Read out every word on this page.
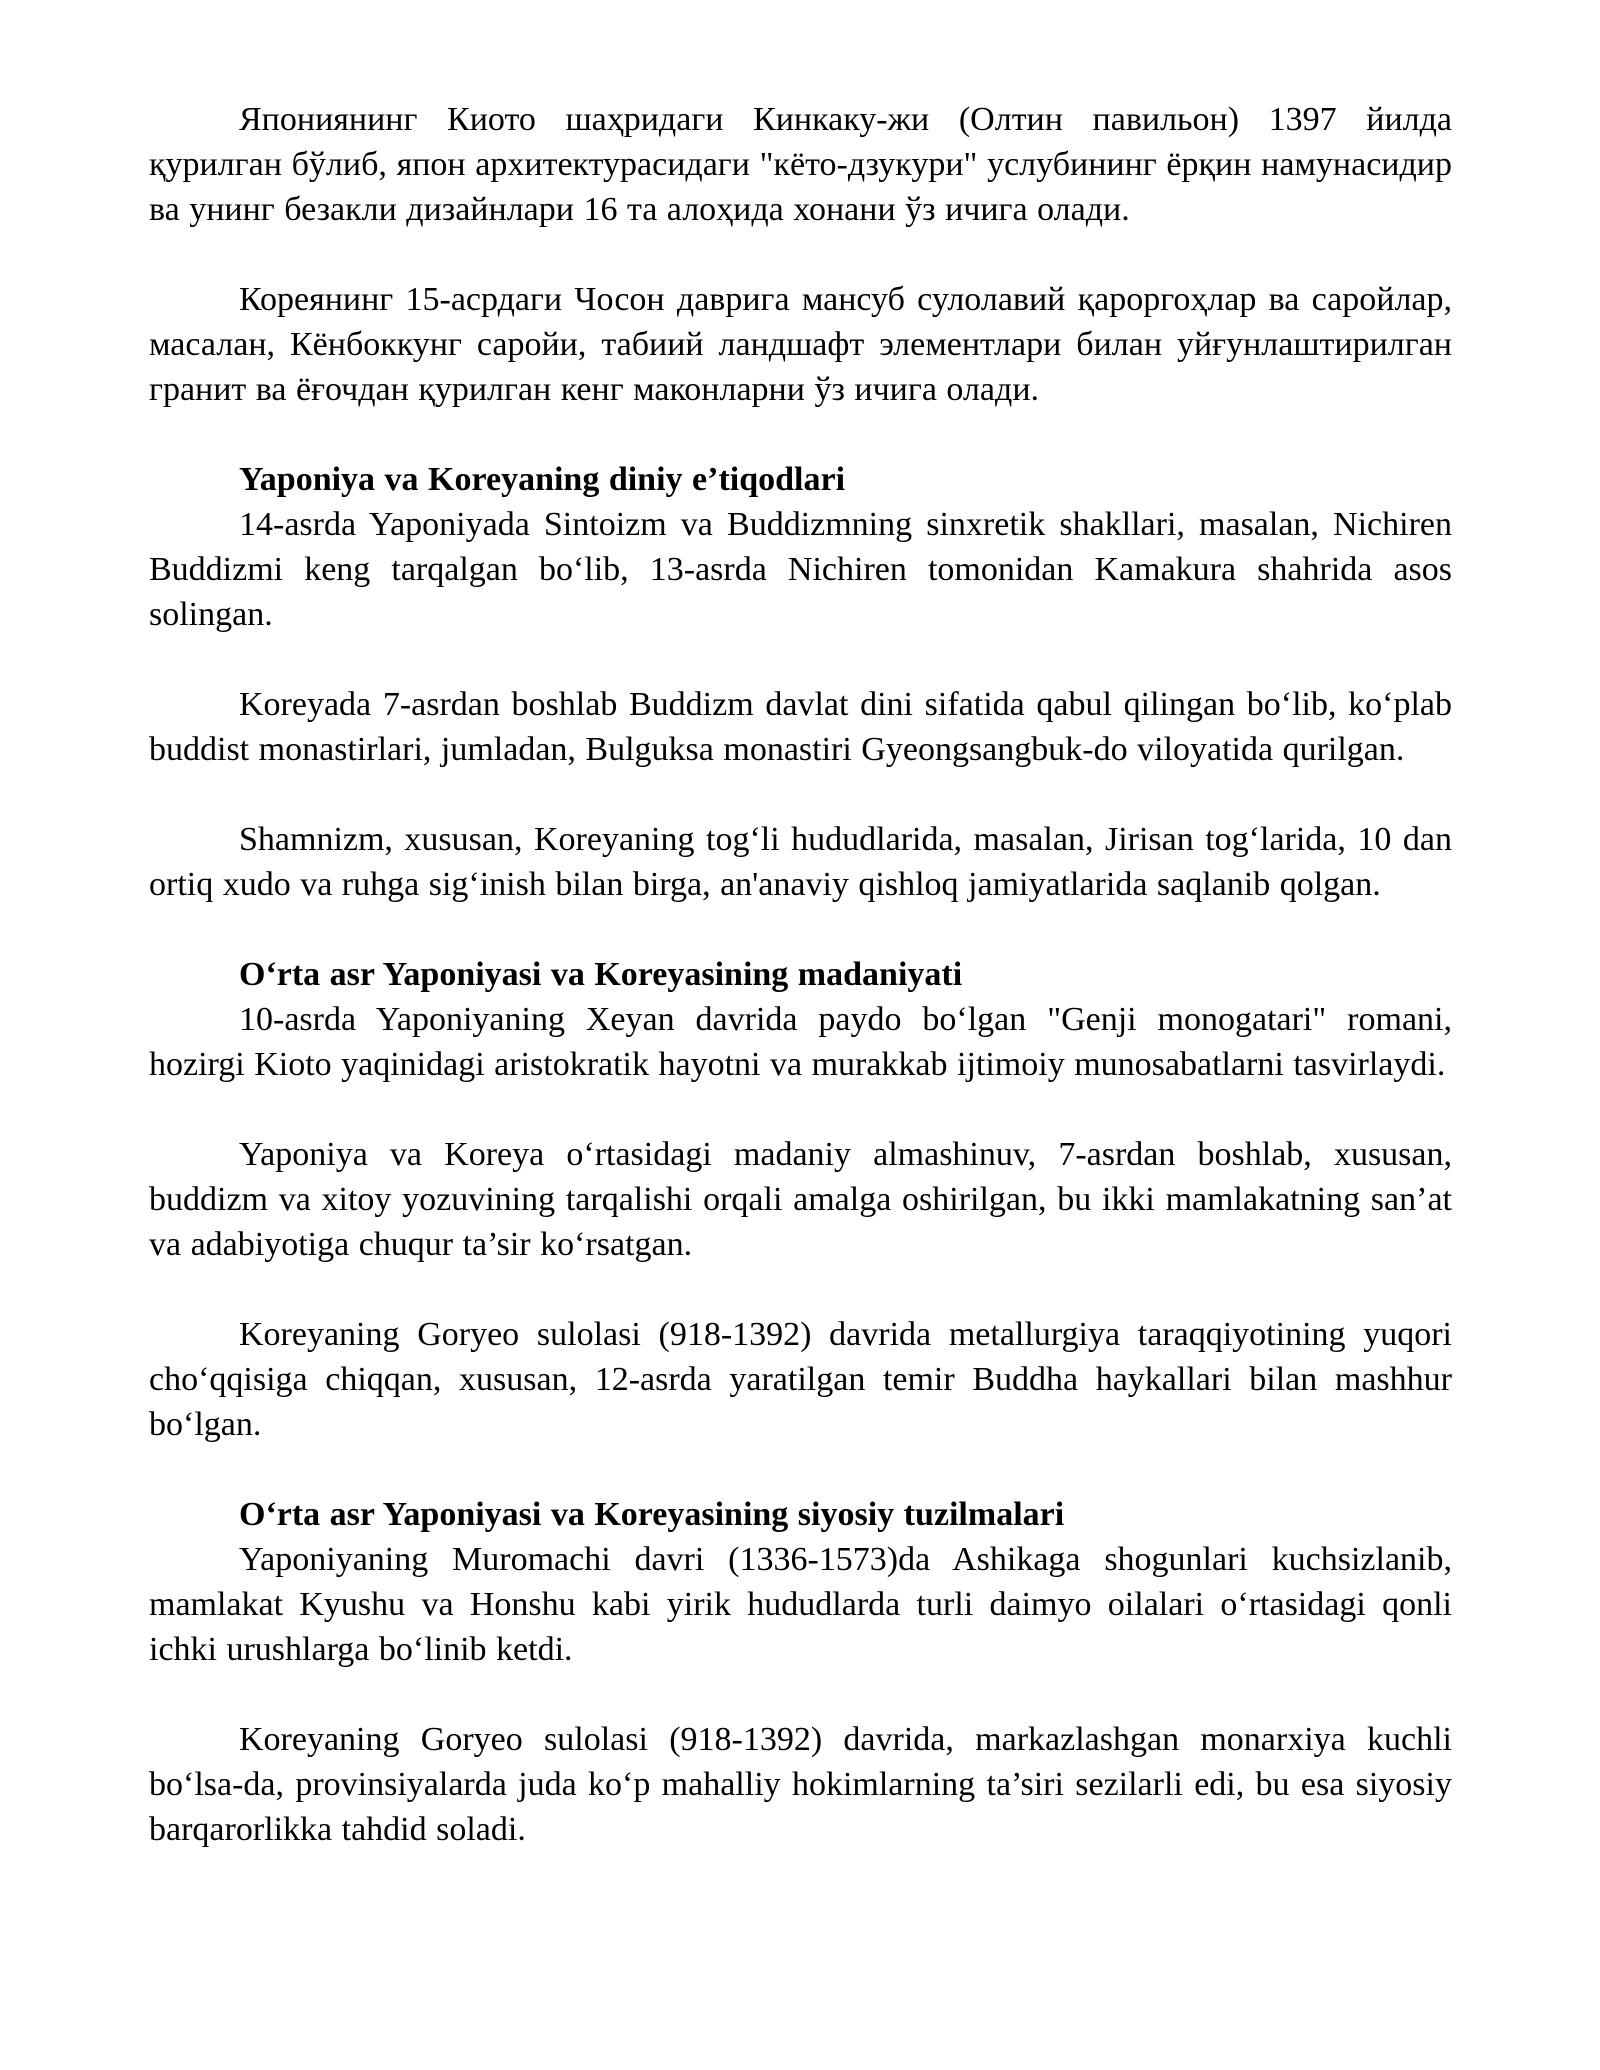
Япониянинг Киото шаҳридаги Кинкаку-жи (Олтин павильон) 1397 йилда қурилган бўлиб, япон архитектурасидаги "кёто-дзукури" услубининг ёрқин намунасидир ва унинг безакли дизайнлари 16 та алоҳида хонани ўз ичига олади.

Кореянинг 15-асрдаги Чосон даврига мансуб сулолавий қароргоҳлар ва саройлар, масалан, Кёнбоккунг саройи, табиий ландшафт элементлари билан уйғунлаштирилган гранит ва ёғочдан қурилган кенг маконларни ўз ичига олади.

Yaponiya va Koreyaning diniy e’tiqodlari

14-asrda Yaponiyada Sintoizm va Buddizmning sinxretik shakllari, masalan, Nichiren Buddizmi keng tarqalgan bo‘lib, 13-asrda Nichiren tomonidan Kamakura shahrida asos solingan.

Koreyada 7-asrdan boshlab Buddizm davlat dini sifatida qabul qilingan bo‘lib, ko‘plab buddist monastirlari, jumladan, Bulguksa monastiri Gyeongsangbuk-do viloyatida qurilgan.

Shamnizm, xususan, Koreyaning tog‘li hududlarida, masalan, Jirisan tog‘larida, 10 dan ortiq xudo va ruhga sig‘inish bilan birga, an'anaviy qishloq jamiyatlarida saqlanib qolgan.

O‘rta asr Yaponiyasi va Koreyasining madaniyati

10-asrda Yaponiyaning Xeyan davrida paydo bo‘lgan "Genji monogatari" romani, hozirgi Kioto yaqinidagi aristokratik hayotni va murakkab ijtimoiy munosabatlarni tasvirlaydi.

Yaponiya va Koreya o‘rtasidagi madaniy almashinuv, 7-asrdan boshlab, xususan, buddizm va xitoy yozuvining tarqalishi orqali amalga oshirilgan, bu ikki mamlakatning san’at va adabiyotiga chuqur ta’sir ko‘rsatgan.

Koreyaning Goryeo sulolasi (918-1392) davrida metallurgiya taraqqiyotining yuqori cho‘qqisiga chiqqan, xususan, 12-asrda yaratilgan temir Buddha haykallari bilan mashhur bo‘lgan.

O‘rta asr Yaponiyasi va Koreyasining siyosiy tuzilmalari

Yaponiyaning Muromachi davri (1336-1573)da Ashikaga shogunlari kuchsizlanib, mamlakat Kyushu va Honshu kabi yirik hududlarda turli daimyo oilalari o‘rtasidagi qonli ichki urushlarga bo‘linib ketdi.

Koreyaning Goryeo sulolasi (918-1392) davrida, markazlashgan monarxiya kuchli bo‘lsa-da, provinsiyalarda juda ko‘p mahalliy hokimlarning ta’siri sezilarli edi, bu esa siyosiy barqarorlikka tahdid soladi.
